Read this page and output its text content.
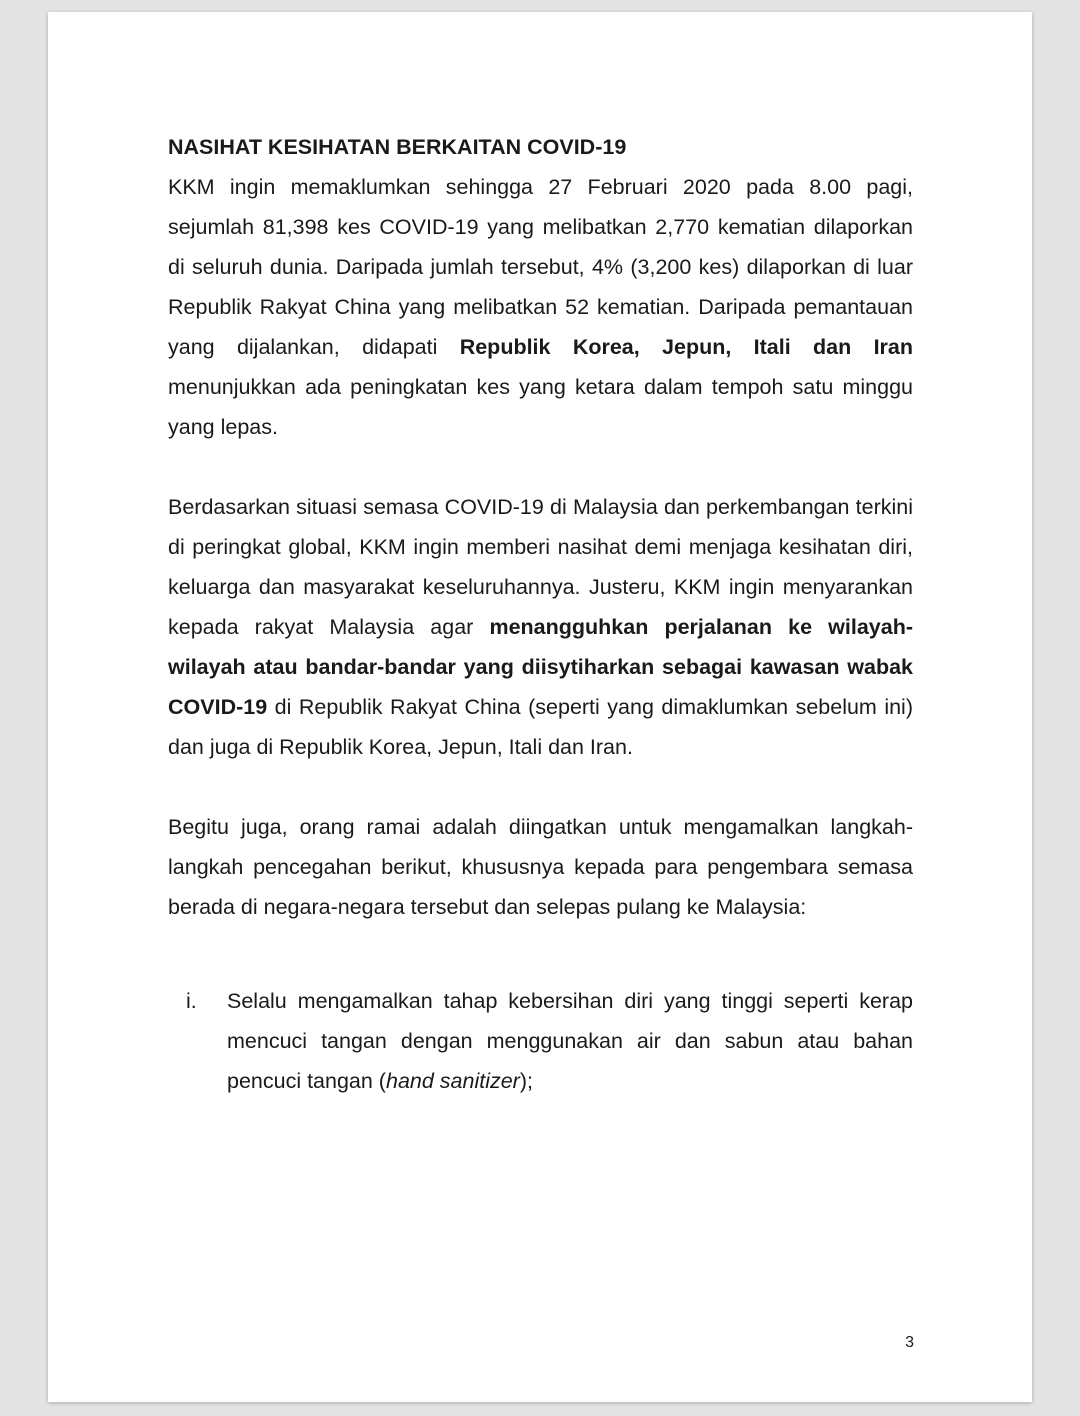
NASIHAT KESIHATAN BERKAITAN COVID-19

KKM ingin memaklumkan sehingga 27 Februari 2020 pada 8.00 pagi, sejumlah 81,398 kes COVID-19 yang melibatkan 2,770 kematian dilaporkan di seluruh dunia. Daripada jumlah tersebut, 4% (3,200 kes) dilaporkan di luar Republik Rakyat China yang melibatkan 52 kematian. Daripada pemantauan yang dijalankan, didapati Republik Korea, Jepun, Itali dan Iran menunjukkan ada peningkatan kes yang ketara dalam tempoh satu minggu yang lepas.

Berdasarkan situasi semasa COVID-19 di Malaysia dan perkembangan terkini di peringkat global, KKM ingin memberi nasihat demi menjaga kesihatan diri, keluarga dan masyarakat keseluruhannya. Justeru, KKM ingin menyarankan kepada rakyat Malaysia agar menangguhkan perjalanan ke wilayah-wilayah atau bandar-bandar yang diisytiharkan sebagai kawasan wabak COVID-19 di Republik Rakyat China (seperti yang dimaklumkan sebelum ini) dan juga di Republik Korea, Jepun, Itali dan Iran.

Begitu juga, orang ramai adalah diingatkan untuk mengamalkan langkah-langkah pencegahan berikut, khususnya kepada para pengembara semasa berada di negara-negara tersebut dan selepas pulang ke Malaysia:

i. Selalu mengamalkan tahap kebersihan diri yang tinggi seperti kerap mencuci tangan dengan menggunakan air dan sabun atau bahan pencuci tangan (hand sanitizer);
3
